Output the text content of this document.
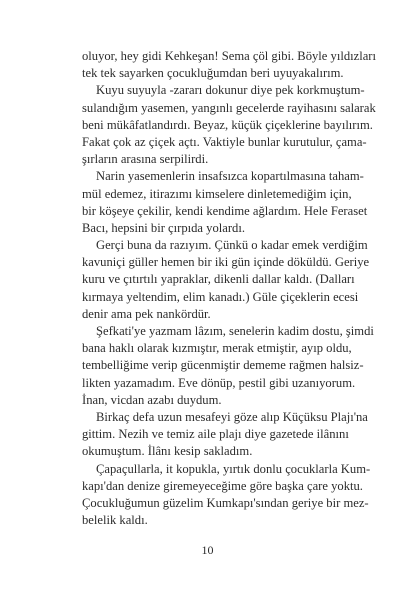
oluyor, hey gidi Kehkeşan! Sema çöl gibi. Böyle yıldızları
tek tek sayarken çocukluğumdan beri uyuyakalırım.
Kuyu suyuyla -zararı dokunur diye pek korkmuştum-
sulandığım yasemen, yangınlı gecelerde rayihasını salarak
beni mükâfatlandırdı. Beyaz, küçük çiçeklerine bayılırım.
Fakat çok az çiçek açtı. Vaktiyle bunlar kurutulur, çama-
şırların arasına serpilirdi.
Narin yasemenlerin insafsızca kopartılmasına taham-
mül edemez, itirazımı kimselere dinletemediğim için,
bir köşeye çekilir, kendi kendime ağlardım. Hele Feraset
Bacı, hepsini bir çırpıda yolardı.
Gerçi buna da razıyım. Çünkü o kadar emek verdiğim
kavuniçi güller hemen bir iki gün içinde döküldü. Geriye
kuru ve çıtırtılı yapraklar, dikenli dallar kaldı. (Dalları
kırmaya yeltendim, elim kanadı.) Güle çiçeklerin ecesi
denir ama pek nankördür.
Şefkati'ye yazmam lâzım, senelerin kadim dostu, şimdi
bana haklı olarak kızmıştır, merak etmiştir, ayıp oldu,
tembelliğime verip gücenmiştir dememe rağmen halsiz-
likten yazamadım. Eve dönüp, pestil gibi uzanıyorum.
İnan, vicdan azabı duydum.
Birkaç defa uzun mesafeyi göze alıp Küçüksu Plajı'na
gittim. Nezih ve temiz aile plajı diye gazetede ilânını
okumuştum. İlânı kesip sakladım.
Çapaçullarla, it kopukla, yırtık donlu çocuklarla Kum-
kapı'dan denize giremeyeceğime göre başka çare yoktu.
Çocukluğumun güzelim Kumkapı'sından geriye bir mez-
belelik kaldı.
10
